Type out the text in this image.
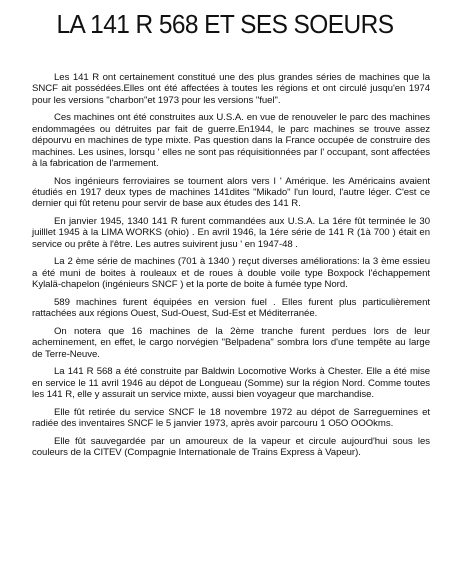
LA 141 R 568 ET SES SOEURS

Les 141 R ont certainement constitué une des plus grandes séries de machines que la SNCF ait possédées.Elles ont été affectées à toutes les régions et ont circulé jusqu'en 1974 pour les versions "charbon"et 1973 pour les versions "fuel".

Ces machines ont été construites aux U.S.A. en vue de renouveler le parc des machines endommagées ou détruites par fait de guerre.En1944, le parc machines se trouve assez dépourvu en machines de type mixte. Pas question dans la France occupée de construire des machines. Les usines, lorsqu ' elles ne sont pas réquisitionnées par l' occupant, sont affectées à la fabrication de l'armement.

Nos ingénieurs ferroviaires se tournent alors vers l ' Amérique. les Américains avaient étudiés en 1917 deux types de machines 141dites "Mikado" l'un lourd, l'autre léger. C'est ce dernier qui fût retenu pour servir de base aux études des 141 R.

En janvier 1945, 1340 141 R furent commandées aux U.S.A. La 1ére fût terminée le 30 juilllet 1945 à la LIMA WORKS (ohio) . En avril 1946, la 1ére série de 141 R (1à 700 ) était en service ou prête à l'être. Les autres suivirent jusu ' en 1947-48 .

La 2 ème série de machines (701 à 1340 ) reçut diverses améliorations: la 3 ème essieu a été muni de boites à rouleaux et de roues à double voile type Boxpock l'échappement Kylalä-chapelon (ingénieurs SNCF ) et la porte de boite à fumée type Nord.

589 machines furent équipées en version fuel . Elles furent plus particulièrement rattachées aux régions Ouest, Sud-Ouest, Sud-Est et Méditerranée.

On notera que 16 machines de la 2ème tranche furent perdues lors de leur acheminement, en effet, le cargo norvégien "Belpadena" sombra lors d'une tempête au large de Terre-Neuve.

La 141 R 568 a été construite par Baldwin Locomotive Works à Chester. Elle a été mise en service le 11 avril 1946 au dépot de Longueau (Somme) sur la région Nord. Comme toutes les 141 R, elle y assurait un service mixte, aussi bien voyageur que marchandise.

Elle fût retirée du service SNCF le 18 novembre 1972 au dépot de Sarreguemines et radiée des inventaires SNCF le 5 janvier 1973, après avoir parcouru 1 O5O OOOkms.

Elle fût sauvegardée par un amoureux de la vapeur et circule aujourd'hui sous les couleurs de la CITEV (Compagnie Internationale de Trains Express à Vapeur).
